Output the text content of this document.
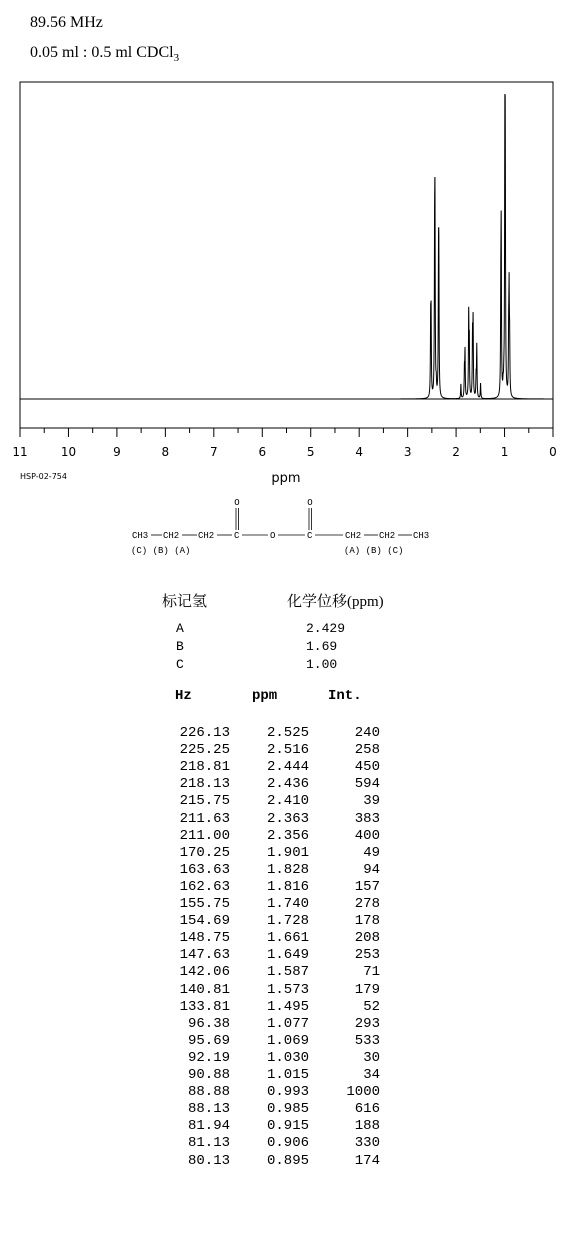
89.56 MHz
0.05 ml : 0.5 ml CDCl$_3$
11	10	9	8	7	6	5	4	3	2	1	0
ppm
HSP-02-754
O	O
CH3 CH2 CH2 C	O	C	CH2 CH2 CH3
(C) (B) (A)	(A) (B) (C)
标记氢	化学位移(ppm)
A	2.429
B	1.69
C	1.00
Hz	ppm	Int.
226.13	2.525	240
225.25	2.516	258
218.81	2.444	450
218.13	2.436	594
215.75	2.410	39
211.63	2.363	383
211.00	2.356	400
170.25	1.901	49
163.63	1.828	94
162.63	1.816	157
155.75	1.740	278
154.69	1.728	178
148.75	1.661	208
147.63	1.649	253
142.06	1.587	71
140.81	1.573	179
133.81	1.495	52
96.38	1.077	293
95.69	1.069	533
92.19	1.030	30
90.88	1.015	34
88.88	0.993	1000
88.13	0.985	616
81.94	0.915	188
81.13	0.906	330
80.13	0.895	174
